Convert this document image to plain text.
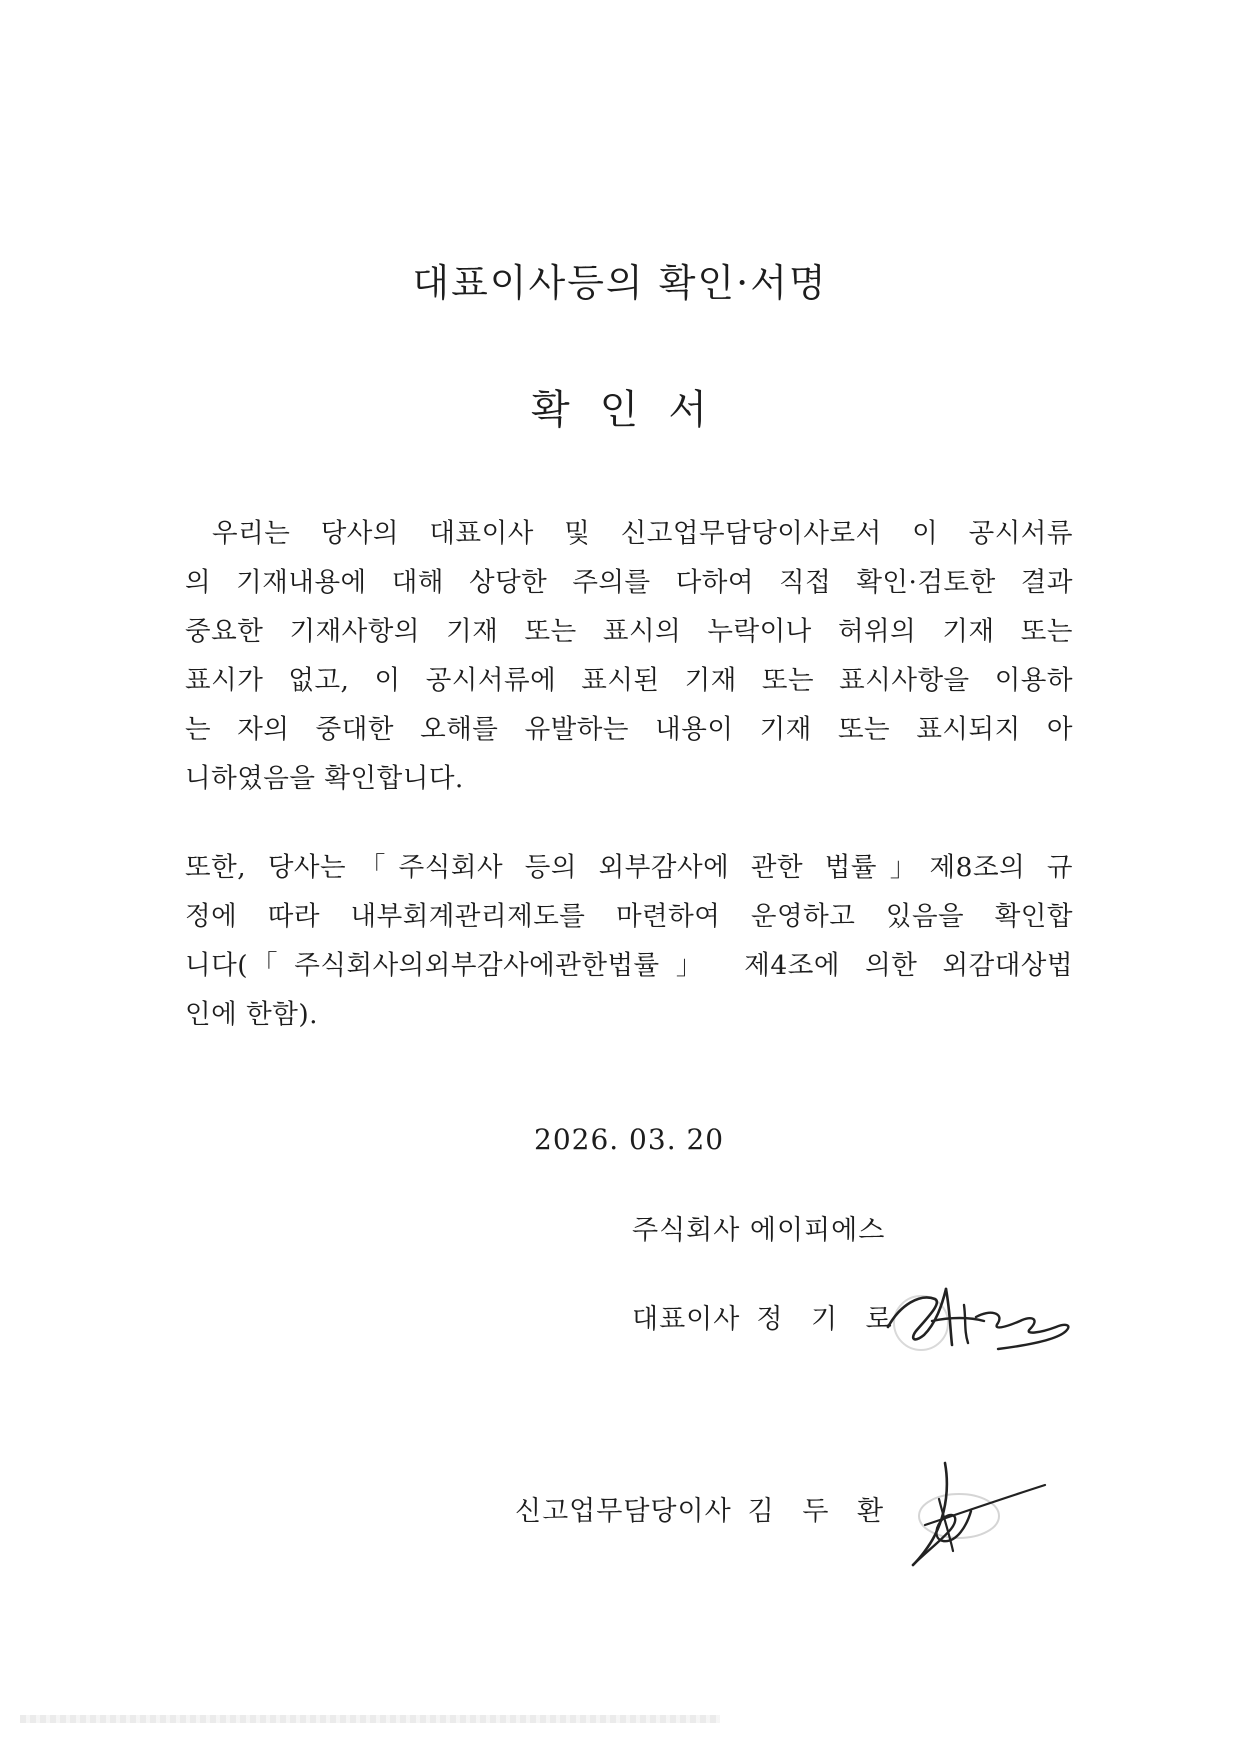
대표이사등의 확인·서명
확 인 서
우리는 당사의 대표이사 및 신고업무담당이사로서 이 공시서류
의 기재내용에 대해 상당한 주의를 다하여 직접 확인·검토한 결과
중요한 기재사항의 기재 또는 표시의 누락이나 허위의 기재 또는
표시가 없고, 이 공시서류에 표시된 기재 또는 표시사항을 이용하
는 자의 중대한 오해를 유발하는 내용이 기재 또는 표시되지 아
니하였음을 확인합니다.
또한, 당사는「주식회사 등의 외부감사에 관한 법률」제8조의 규
정에 따라 내부회계관리제도를 마련하여 운영하고 있음을 확인합
니다(「주식회사의외부감사에관한법률」 제4조에 의한 외감대상법
인에 한함).
2026. 03. 20
주식회사 에이피에스
대표이사 정 기 로
신고업무담당이사 김 두 환
